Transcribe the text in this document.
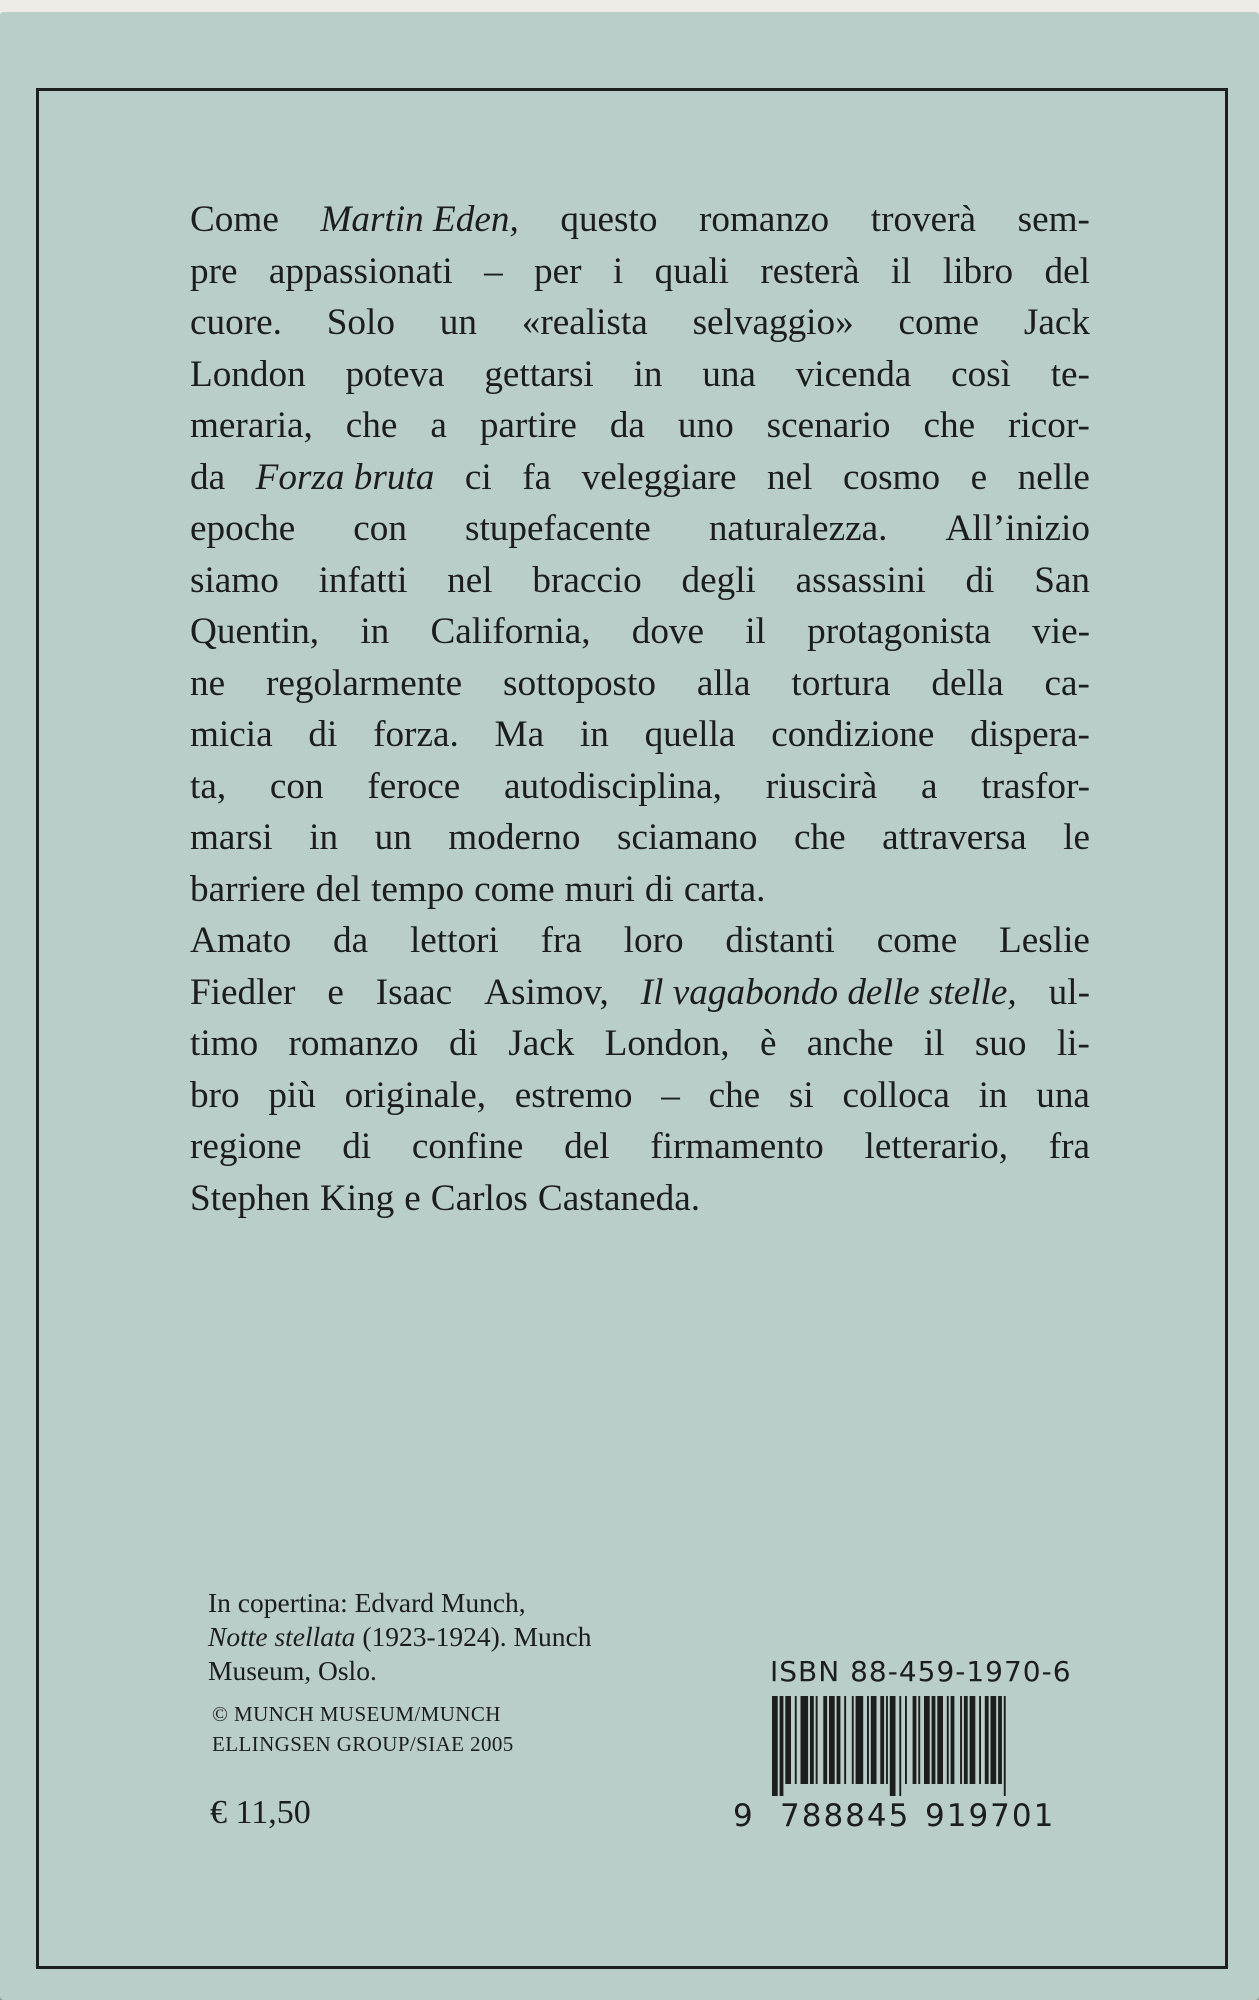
Come Martin Eden, questo romanzo troverà sem-
pre appassionati – per i quali resterà il libro del
cuore. Solo un «realista selvaggio» come Jack
London poteva gettarsi in una vicenda così te-
meraria, che a partire da uno scenario che ricor-
da Forza bruta ci fa veleggiare nel cosmo e nelle
epoche con stupefacente naturalezza. All’inizio
siamo infatti nel braccio degli assassini di San
Quentin, in California, dove il protagonista vie-
ne regolarmente sottoposto alla tortura della ca-
micia di forza. Ma in quella condizione dispera-
ta, con feroce autodisciplina, riuscirà a trasfor-
marsi in un moderno sciamano che attraversa le
barriere del tempo come muri di carta.
Amato da lettori fra loro distanti come Leslie
Fiedler e Isaac Asimov, Il vagabondo delle stelle, ul-
timo romanzo di Jack London, è anche il suo li-
bro più originale, estremo – che si colloca in una
regione di confine del firmamento letterario, fra
Stephen King e Carlos Castaneda.
In copertina: Edvard Munch,
Notte stellata (1923-1924). Munch
Museum, Oslo.
© MUNCH MUSEUM/MUNCH
ELLINGSEN GROUP/SIAE 2005
€ 11,50
ISBN 88-459-1970-6
9 788845 919701
